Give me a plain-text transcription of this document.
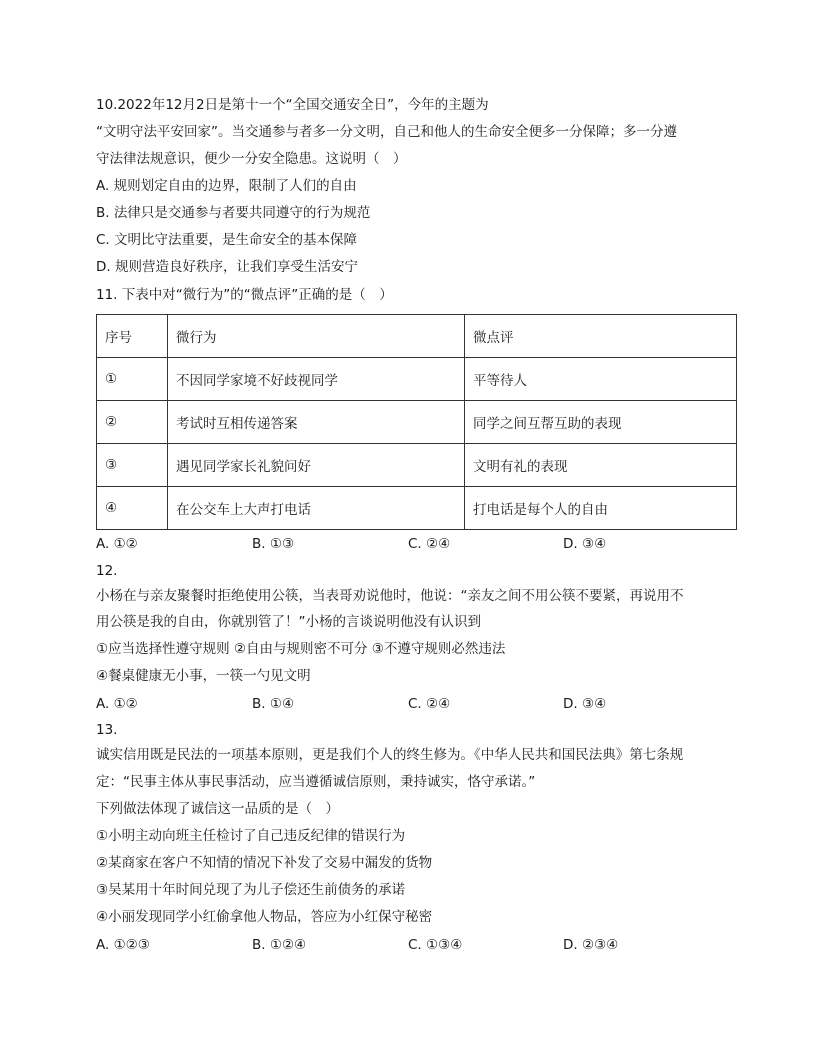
10.2022年12月2日是第十一个“全国交通安全日”，今年的主题为
“文明守法平安回家”。当交通参与者多一分文明，自己和他人的生命安全便多一分保障；多一分遵
守法律法规意识，便少一分安全隐患。这说明（　）
A. 规则划定自由的边界，限制了人们的自由
B. 法律只是交通参与者要共同遵守的行为规范
C. 文明比守法重要，是生命安全的基本保障
D. 规则营造良好秩序，让我们享受生活安宁
11. 下表中对“微行为”的“微点评”正确的是（　）
序号	微行为	微点评
①	不因同学家境不好歧视同学	平等待人
②	考试时互相传递答案	同学之间互帮互助的表现
③	遇见同学家长礼貌问好	文明有礼的表现
④	在公交车上大声打电话	打电话是每个人的自由
A. ①②	B. ①③	C. ②④	D. ③④
12.
小杨在与亲友聚餐时拒绝使用公筷，当表哥劝说他时，他说：“亲友之间不用公筷不要紧，再说用不
用公筷是我的自由，你就别管了！”小杨的言谈说明他没有认识到
①应当选择性遵守规则 ②自由与规则密不可分 ③不遵守规则必然违法
④餐桌健康无小事，一筷一勺见文明
A. ①②	B. ①④	C. ②④	D. ③④
13.
诚实信用既是民法的一项基本原则，更是我们个人的终生修为。《中华人民共和国民法典》第七条规
定：“民事主体从事民事活动，应当遵循诚信原则，秉持诚实，恪守承诺。”
下列做法体现了诚信这一品质的是（　）
①小明主动向班主任检讨了自己违反纪律的错误行为
②某商家在客户不知情的情况下补发了交易中漏发的货物
③吴某用十年时间兑现了为儿子偿还生前债务的承诺
④小丽发现同学小红偷拿他人物品，答应为小红保守秘密
A. ①②③	B. ①②④	C. ①③④	D. ②③④
